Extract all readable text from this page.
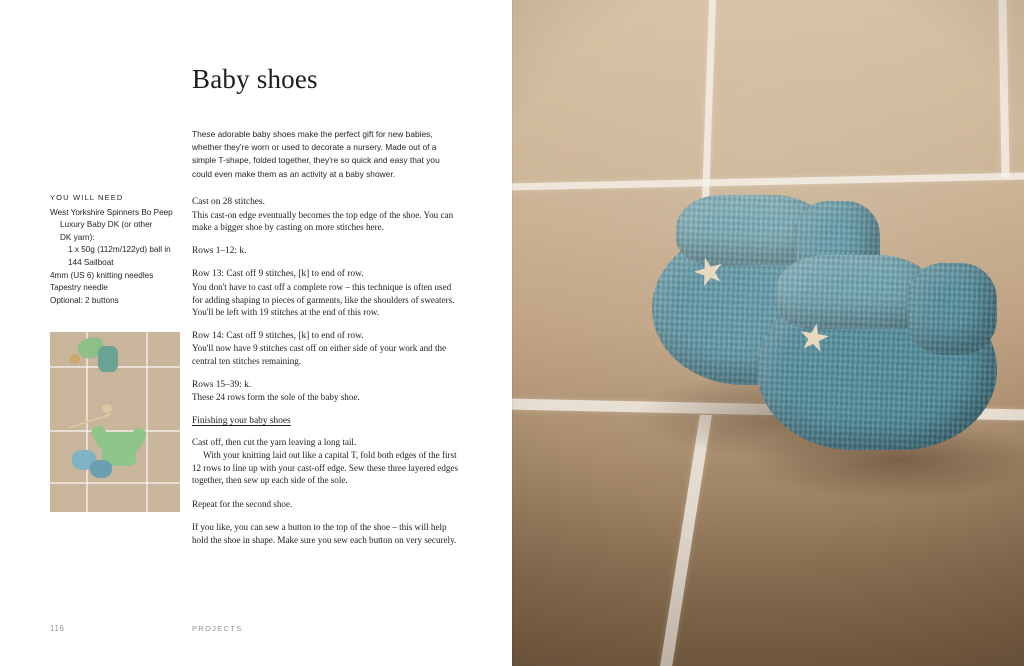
Baby shoes
These adorable baby shoes make the perfect gift for new babies, whether they're worn or used to decorate a nursery. Made out of a simple T-shape, folded together, they're so quick and easy that you could even make them as an activity at a baby shower.
YOU WILL NEED
West Yorkshire Spinners Bo Peep
Luxury Baby DK (or other
DK yarn):
1 x 50g (112m/122yd) ball in
144 Sailboat
4mm (US 6) knitting needles
Tapestry needle
Optional: 2 buttons
Cast on 28 stitches.
This cast-on edge eventually becomes the top edge of the shoe. You can make a bigger shoe by casting on more stitches here.
Rows 1–12: k.
Row 13: Cast off 9 stitches, [k] to end of row.
You don't have to cast off a complete row – this technique is often used for adding shaping to pieces of garments, like the shoulders of sweaters. You'll be left with 19 stitches at the end of this row.
Row 14: Cast off 9 stitches, [k] to end of row.
You'll now have 9 stitches cast off on either side of your work and the central ten stitches remaining.
Rows 15–39: k.
These 24 rows form the sole of the baby shoe.
Finishing your baby shoes
Cast off, then cut the yarn leaving a long tail.
With your knitting laid out like a capital T, fold both edges of the first 12 rows to line up with your cast-off edge. Sew these three layered edges together, then sew up each side of the sole.
Repeat for the second shoe.
If you like, you can sew a button to the top of the shoe – this will help hold the shoe in shape. Make sure you sew each button on very securely.
116	PROJECTS
